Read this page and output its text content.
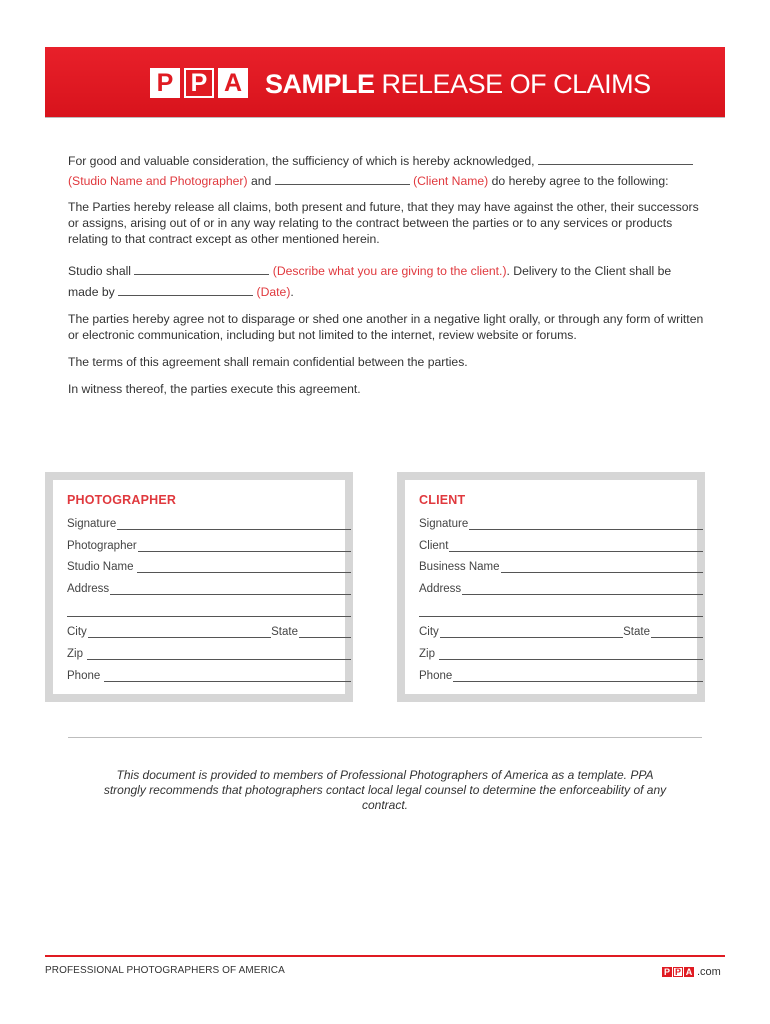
P P A SAMPLE RELEASE OF CLAIMS
For good and valuable consideration, the sufficiency of which is hereby acknowledged,
(Studio Name and Photographer) and	(Client Name) do hereby agree to the following:
The Parties hereby release all claims, both present and future, that they may have against the other, their successors or assigns, arising out of or in any way relating to the contract between the parties or to any services or products relating to that contract except as other mentioned herein.
Studio shall	(Describe what you are giving to the client.). Delivery to the Client shall be
made by	(Date).
The parties hereby agree not to disparage or shed one another in a negative light orally, or through any form of written or electronic communication, including but not limited to the internet, review website or forums.
The terms of this agreement shall remain confidential between the parties.
In witness thereof, the parties execute this agreement.
PHOTOGRAPHER
Signature
Photographer
Studio Name
Address
City	State
Zip
Phone
CLIENT
Signature
Client
Business Name
Address
City	State
Zip
Phone
This document is provided to members of Professional Photographers of America as a template. PPA strongly recommends that photographers contact local legal counsel to determine the enforceability of any contract.
PROFESSIONAL PHOTOGRAPHERS OF AMERICA	P P A .com
